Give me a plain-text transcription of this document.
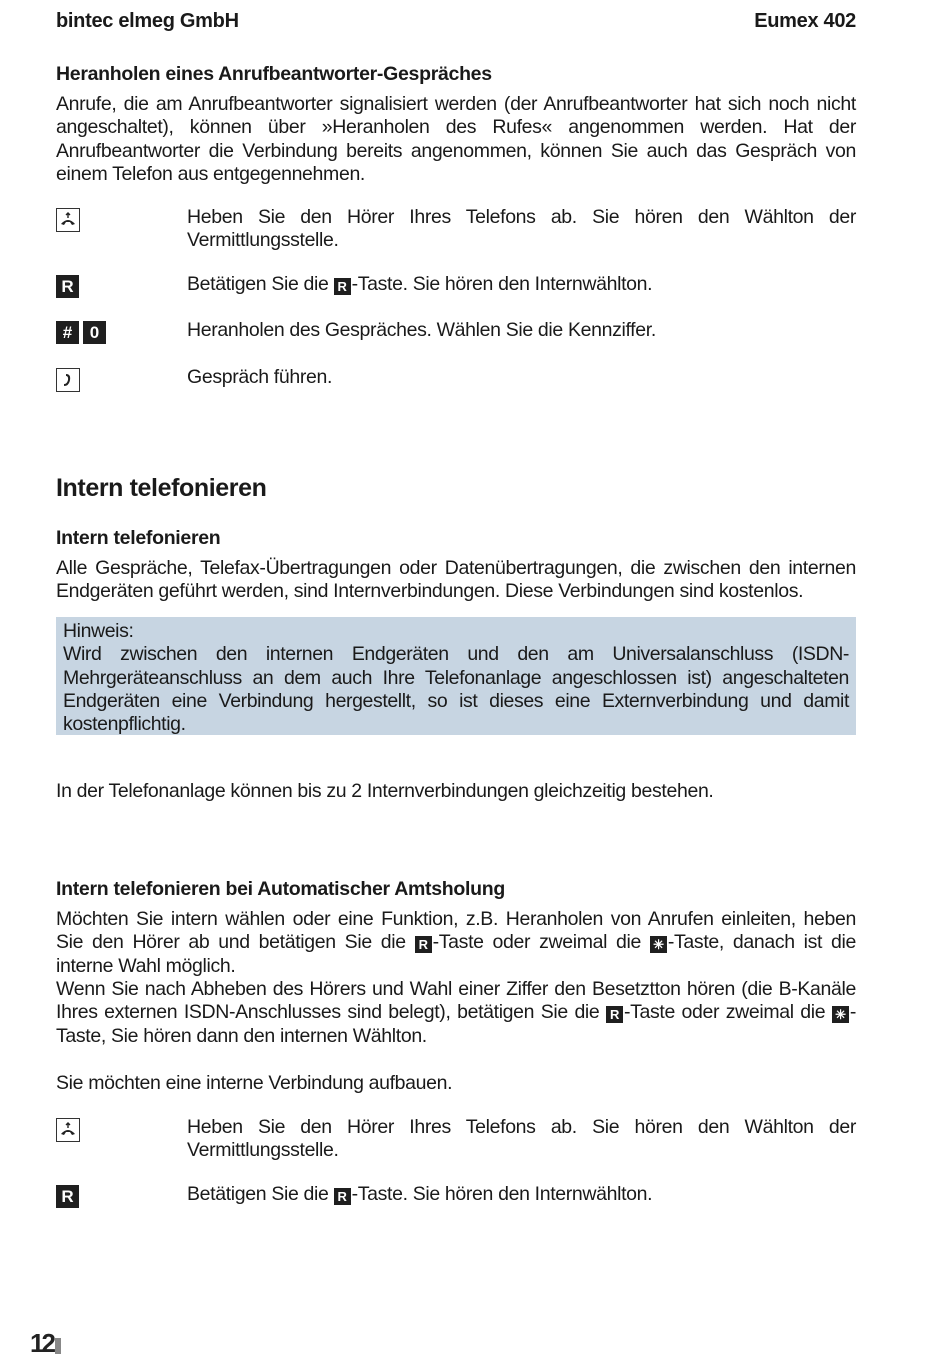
bintec elmeg GmbH	Eumex 402
Heranholen eines Anrufbeantworter-Gespräches
Anrufe, die am Anrufbeantworter signalisiert werden (der Anrufbeantworter hat sich noch nicht angeschaltet), können über »Heranholen des Rufes« angenommen werden. Hat der Anrufbeantworter die Verbindung bereits angenommen, können Sie auch das Gespräch von einem Telefon aus entgegennehmen.
Heben Sie den Hörer Ihres Telefons ab. Sie hören den Wählton der Vermittlungsstelle.
R	Betätigen Sie die R -Taste. Sie hören den Internwählton.
#	0	Heranholen des Gespräches. Wählen Sie die Kennziffer.
Gespräch führen.
Intern telefonieren
Intern telefonieren
Alle Gespräche, Telefax-Übertragungen oder Datenübertragungen, die zwischen den internen Endgeräten geführt werden, sind Internverbindungen. Diese Verbindungen sind kostenlos.
Hinweis:
Wird zwischen den internen Endgeräten und den am Universalanschluss (ISDN-Mehrgeräteanschluss an dem auch Ihre Telefonanlage angeschlossen ist) angeschalteten Endgeräten eine Verbindung hergestellt, so ist dieses eine Externverbindung und damit kostenpflichtig.
In der Telefonanlage können bis zu 2 Internverbindungen gleichzeitig bestehen.
Intern telefonieren bei Automatischer Amtsholung
Möchten Sie intern wählen oder eine Funktion, z.B. Heranholen von Anrufen einleiten, heben Sie den Hörer ab und betätigen Sie die R -Taste oder zweimal die ✳ -Taste, danach ist die interne Wahl möglich.
Wenn Sie nach Abheben des Hörers und Wahl einer Ziffer den Besetztton hören (die B-Kanäle Ihres externen ISDN-Anschlusses sind belegt), betätigen Sie die R -Taste oder zweimal die ✳ -Taste, Sie hören dann den internen Wählton.
Sie möchten eine interne Verbindung aufbauen.
Heben Sie den Hörer Ihres Telefons ab. Sie hören den Wählton der Vermittlungsstelle.
R	Betätigen Sie die R -Taste. Sie hören den Internwählton.
12
